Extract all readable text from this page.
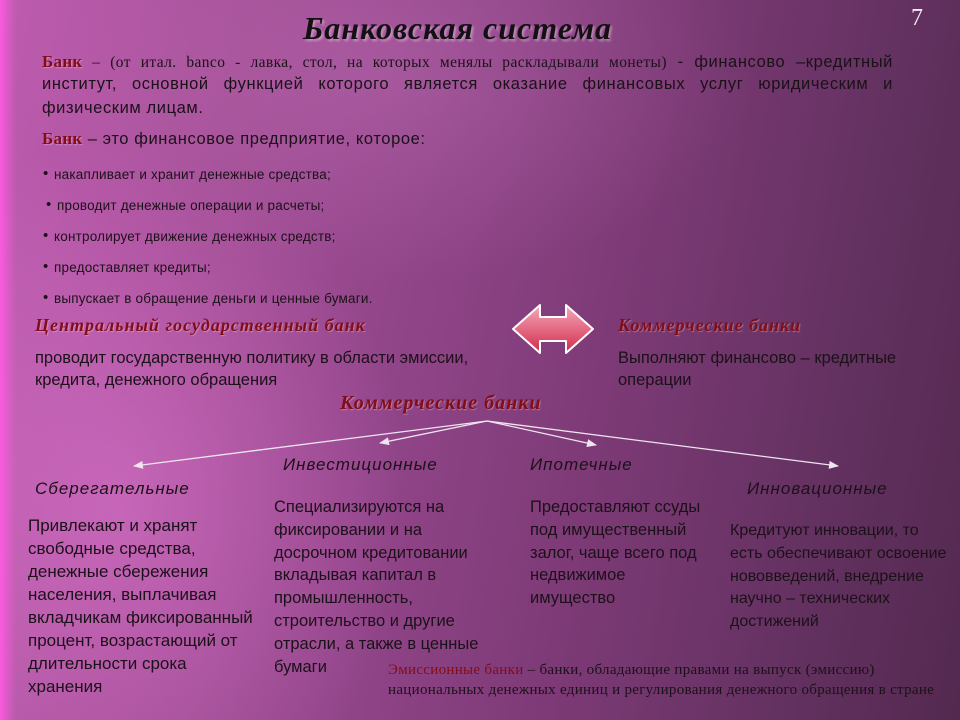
Банковская система	7
Банк – (от итал. banco - лавка, стол, на которых менялы раскладывали монеты) - финансово –кредитный
институт, основной функцией которого является оказание финансовых услуг юридическим и
физическим лицам.
Банк – это финансовое предприятие, которое:
• накапливает и хранит денежные средства;
• проводит денежные операции и расчеты;
• контролирует движение денежных средств;
• предоставляет кредиты;
• выпускает в обращение деньги и ценные бумаги.
Центральный государственный банк
проводит государственную политику в области эмиссии,
кредита, денежного обращения
Коммерческие банки
Выполняют финансово – кредитные
операции
Коммерческие банки
Инвестиционные	Ипотечные
Сберегательные	Инновационные
Привлекают и хранят
свободные средства,
денежные сбережения
населения, выплачивая
вкладчикам фиксированный
процент, возрастающий от
длительности срока
хранения
Специализируются на
фиксировании и на
досрочном кредитовании
вкладывая капитал в
промышленность,
строительство и другие
отрасли, а также в ценные
бумаги
Предоставляют ссуды
под имущественный
залог, чаще всего под
недвижимое
имущество
Кредитуют инновации, то
есть обеспечивают освоение
нововведений, внедрение
научно – технических
достижений
Эмиссионные банки – банки, обладающие правами на выпуск (эмиссию)
национальных денежных единиц и регулирования денежного обращения в стране
